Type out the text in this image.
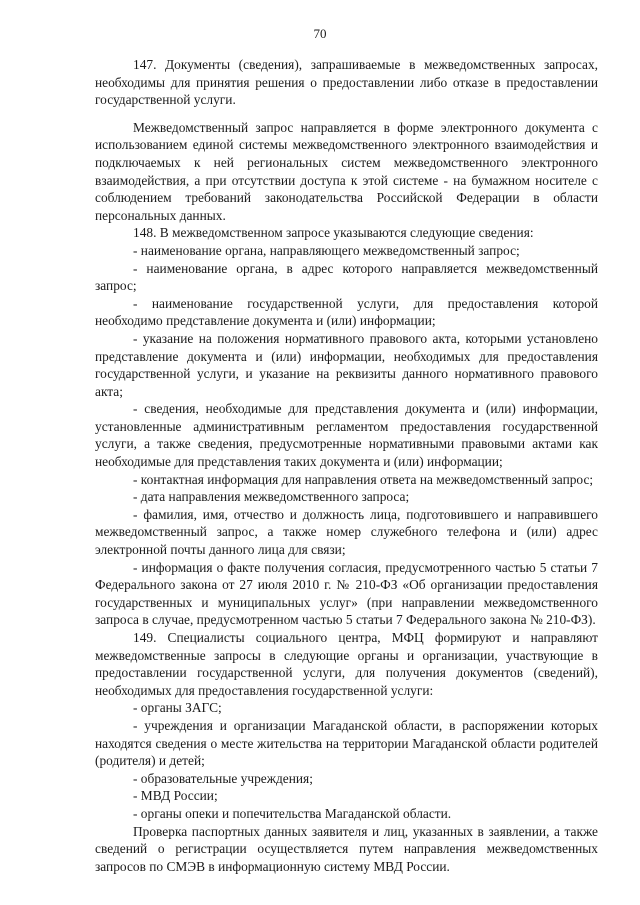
70

147. Документы (сведения), запрашиваемые в межведомственных запросах, необходимы для принятия решения о предоставлении либо отказе в предоставлении государственной услуги.

Межведомственный запрос направляется в форме электронного документа с использованием единой системы межведомственного электронного взаимодействия и подключаемых к ней региональных систем межведомственного электронного взаимодействия, а при отсутствии доступа к этой системе - на бумажном носителе с соблюдением требований законодательства Российской Федерации в области персональных данных.

148. В межведомственном запросе указываются следующие сведения:

- наименование органа, направляющего межведомственный запрос;

- наименование органа, в адрес которого направляется межведомственный запрос;

- наименование государственной услуги, для предоставления которой необходимо представление документа и (или) информации;

- указание на положения нормативного правового акта, которыми установлено представление документа и (или) информации, необходимых для предоставления государственной услуги, и указание на реквизиты данного нормативного правового акта;

- сведения, необходимые для представления документа и (или) информации, установленные административным регламентом предоставления государственной услуги, а также сведения, предусмотренные нормативными правовыми актами как необходимые для представления таких документа и (или) информации;

- контактная информация для направления ответа на межведомственный запрос;

- дата направления межведомственного запроса;

- фамилия, имя, отчество и должность лица, подготовившего и направившего межведомственный запрос, а также номер служебного телефона и (или) адрес электронной почты данного лица для связи;

- информация о факте получения согласия, предусмотренного частью 5 статьи 7 Федерального закона от 27 июля 2010 г. № 210-ФЗ «Об организации предоставления государственных и муниципальных услуг» (при направлении межведомственного запроса в случае, предусмотренном частью 5 статьи 7 Федерального закона № 210-ФЗ).

149. Специалисты социального центра, МФЦ формируют и направляют межведомственные запросы в следующие органы и организации, участвующие в предоставлении государственной услуги, для получения документов (сведений), необходимых для предоставления государственной услуги:

- органы ЗАГС;

- учреждения и организации Магаданской области, в распоряжении которых находятся сведения о месте жительства на территории Магаданской области родителей (родителя) и детей;

- образовательные учреждения;

- МВД России;

- органы опеки и попечительства Магаданской области.

Проверка паспортных данных заявителя и лиц, указанных в заявлении, а также сведений о регистрации осуществляется путем направления межведомственных запросов по СМЭВ в информационную систему МВД России.
